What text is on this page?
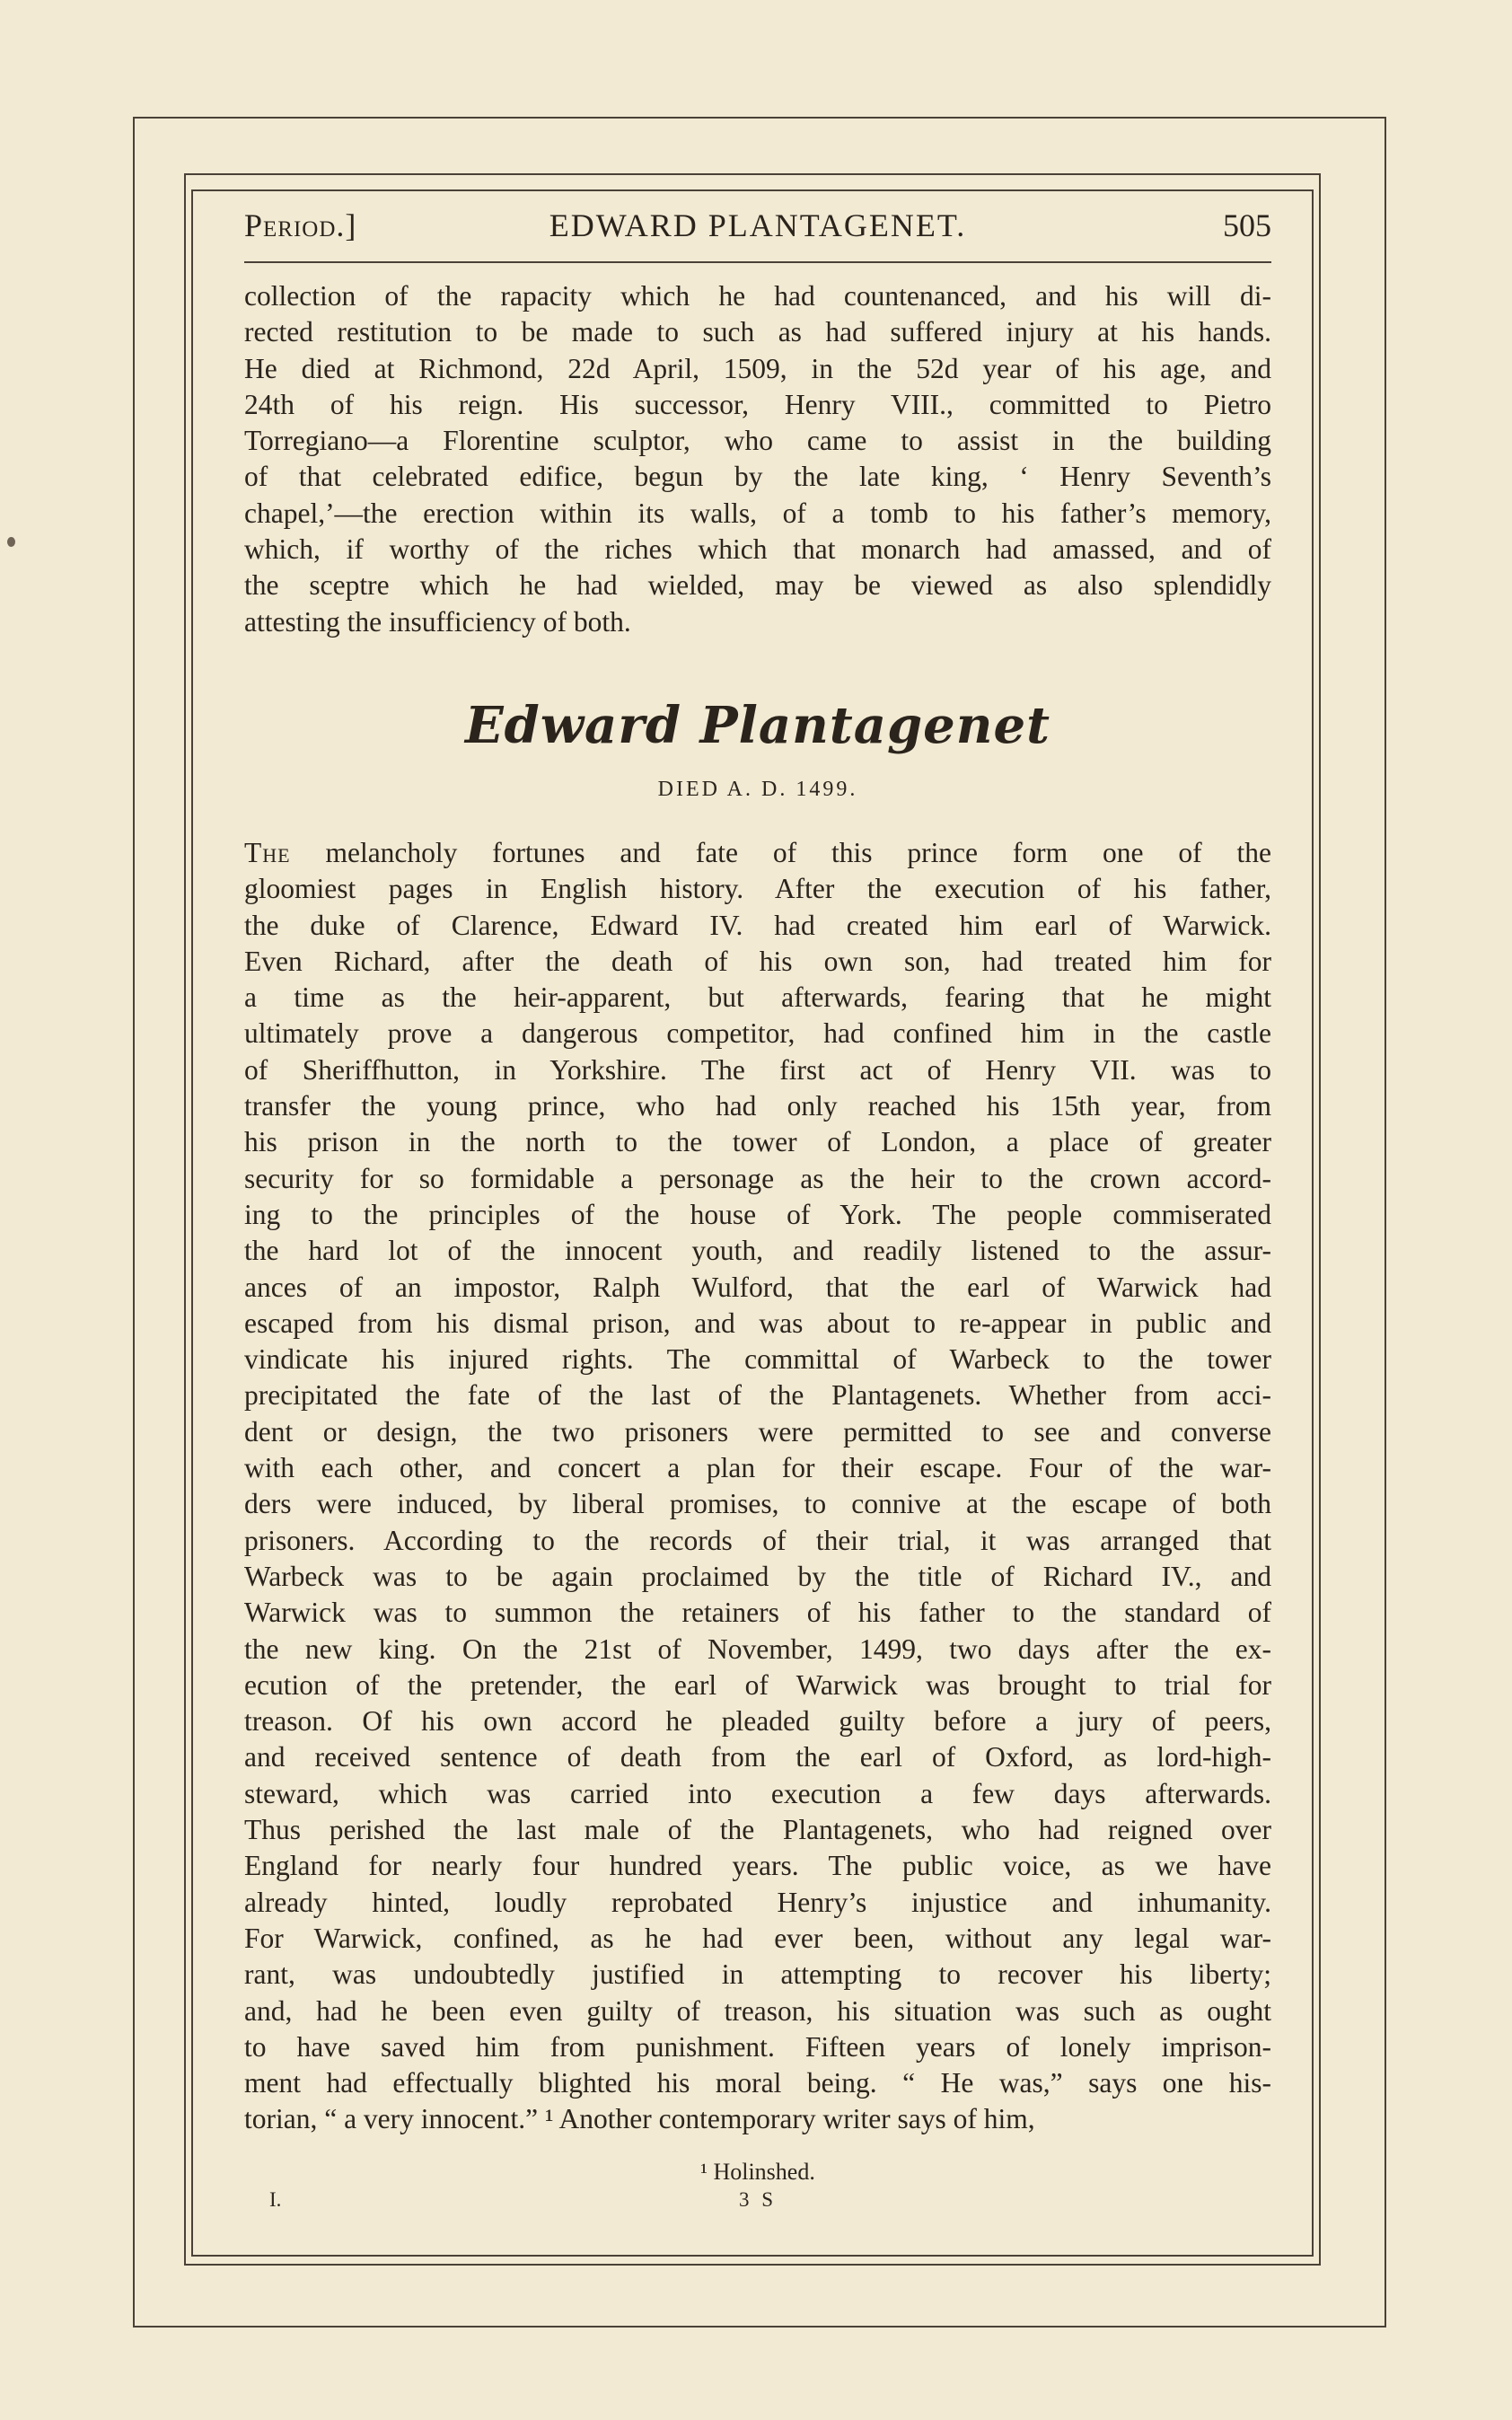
Period.]	EDWARD PLANTAGENET.	505
collection of the rapacity which he had countenanced, and his will di-
rected restitution to be made to such as had suffered injury at his hands.
He died at Richmond, 22d April, 1509, in the 52d year of his age, and
24th of his reign. His successor, Henry VIII., committed to Pietro
Torregiano—a Florentine sculptor, who came to assist in the building
of that celebrated edifice, begun by the late king, ‘ Henry Seventh’s
chapel,’—the erection within its walls, of a tomb to his father’s memory,
which, if worthy of the riches which that monarch had amassed, and of
the sceptre which he had wielded, may be viewed as also splendidly
attesting the insufficiency of both.
Edward Plantagenet
DIED A. D. 1499.
The melancholy fortunes and fate of this prince form one of the
gloomiest pages in English history. After the execution of his father,
the duke of Clarence, Edward IV. had created him earl of Warwick.
Even Richard, after the death of his own son, had treated him for
a time as the heir-apparent, but afterwards, fearing that he might
ultimately prove a dangerous competitor, had confined him in the castle
of Sheriffhutton, in Yorkshire. The first act of Henry VII. was to
transfer the young prince, who had only reached his 15th year, from
his prison in the north to the tower of London, a place of greater
security for so formidable a personage as the heir to the crown accord-
ing to the principles of the house of York. The people commiserated
the hard lot of the innocent youth, and readily listened to the assur-
ances of an impostor, Ralph Wulford, that the earl of Warwick had
escaped from his dismal prison, and was about to re-appear in public and
vindicate his injured rights. The committal of Warbeck to the tower
precipitated the fate of the last of the Plantagenets. Whether from acci-
dent or design, the two prisoners were permitted to see and converse
with each other, and concert a plan for their escape. Four of the war-
ders were induced, by liberal promises, to connive at the escape of both
prisoners. According to the records of their trial, it was arranged that
Warbeck was to be again proclaimed by the title of Richard IV., and
Warwick was to summon the retainers of his father to the standard of
the new king. On the 21st of November, 1499, two days after the ex-
ecution of the pretender, the earl of Warwick was brought to trial for
treason. Of his own accord he pleaded guilty before a jury of peers,
and received sentence of death from the earl of Oxford, as lord-high-
steward, which was carried into execution a few days afterwards.
Thus perished the last male of the Plantagenets, who had reigned over
England for nearly four hundred years. The public voice, as we have
already hinted, loudly reprobated Henry’s injustice and inhumanity.
For Warwick, confined, as he had ever been, without any legal war-
rant, was undoubtedly justified in attempting to recover his liberty;
and, had he been even guilty of treason, his situation was such as ought
to have saved him from punishment. Fifteen years of lonely imprison-
ment had effectually blighted his moral being. “ He was,” says one his-
torian, “ a very innocent.” ¹ Another contemporary writer says of him,
¹ Holinshed.
I.	3 S
